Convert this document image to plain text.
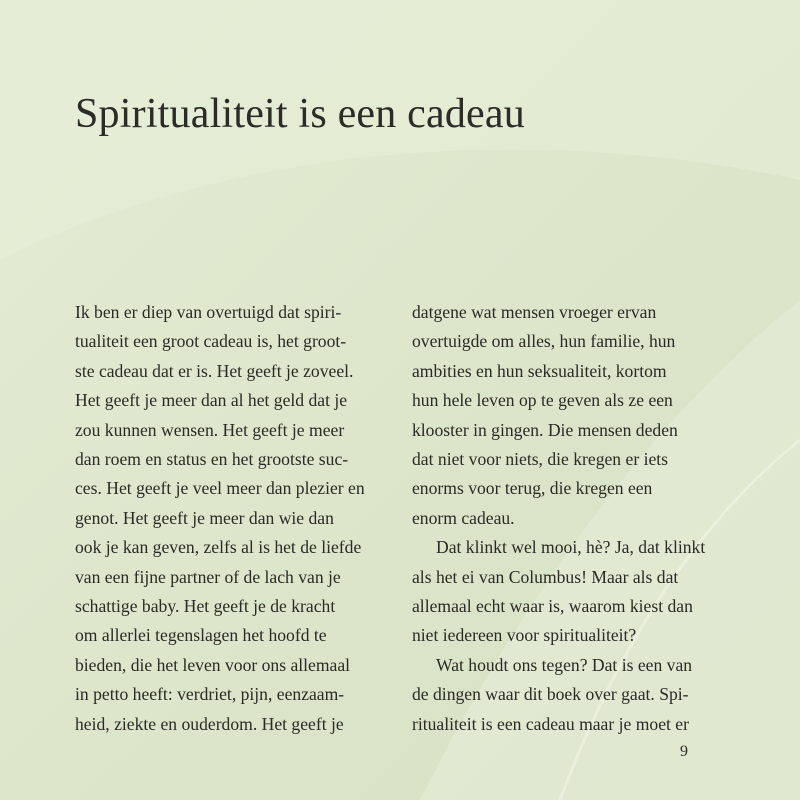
Spiritualiteit is een cadeau
Ik ben er diep van overtuigd dat spiri-
tualiteit een groot cadeau is, het groot-
ste cadeau dat er is. Het geeft je zoveel.
Het geeft je meer dan al het geld dat je
zou kunnen wensen. Het geeft je meer
dan roem en status en het grootste suc-
ces. Het geeft je veel meer dan plezier en
genot. Het geeft je meer dan wie dan
ook je kan geven, zelfs al is het de liefde
van een fijne partner of de lach van je
schattige baby. Het geeft je de kracht
om allerlei tegenslagen het hoofd te
bieden, die het leven voor ons allemaal
in petto heeft: verdriet, pijn, eenzaam-
heid, ziekte en ouderdom. Het geeft je
datgene wat mensen vroeger ervan
overtuigde om alles, hun familie, hun
ambities en hun seksualiteit, kortom
hun hele leven op te geven als ze een
klooster in gingen. Die mensen deden
dat niet voor niets, die kregen er iets
enorms voor terug, die kregen een
enorm cadeau.
Dat klinkt wel mooi, hè? Ja, dat klinkt
als het ei van Columbus! Maar als dat
allemaal echt waar is, waarom kiest dan
niet iedereen voor spiritualiteit?
Wat houdt ons tegen? Dat is een van
de dingen waar dit boek over gaat. Spi-
ritualiteit is een cadeau maar je moet er
9
